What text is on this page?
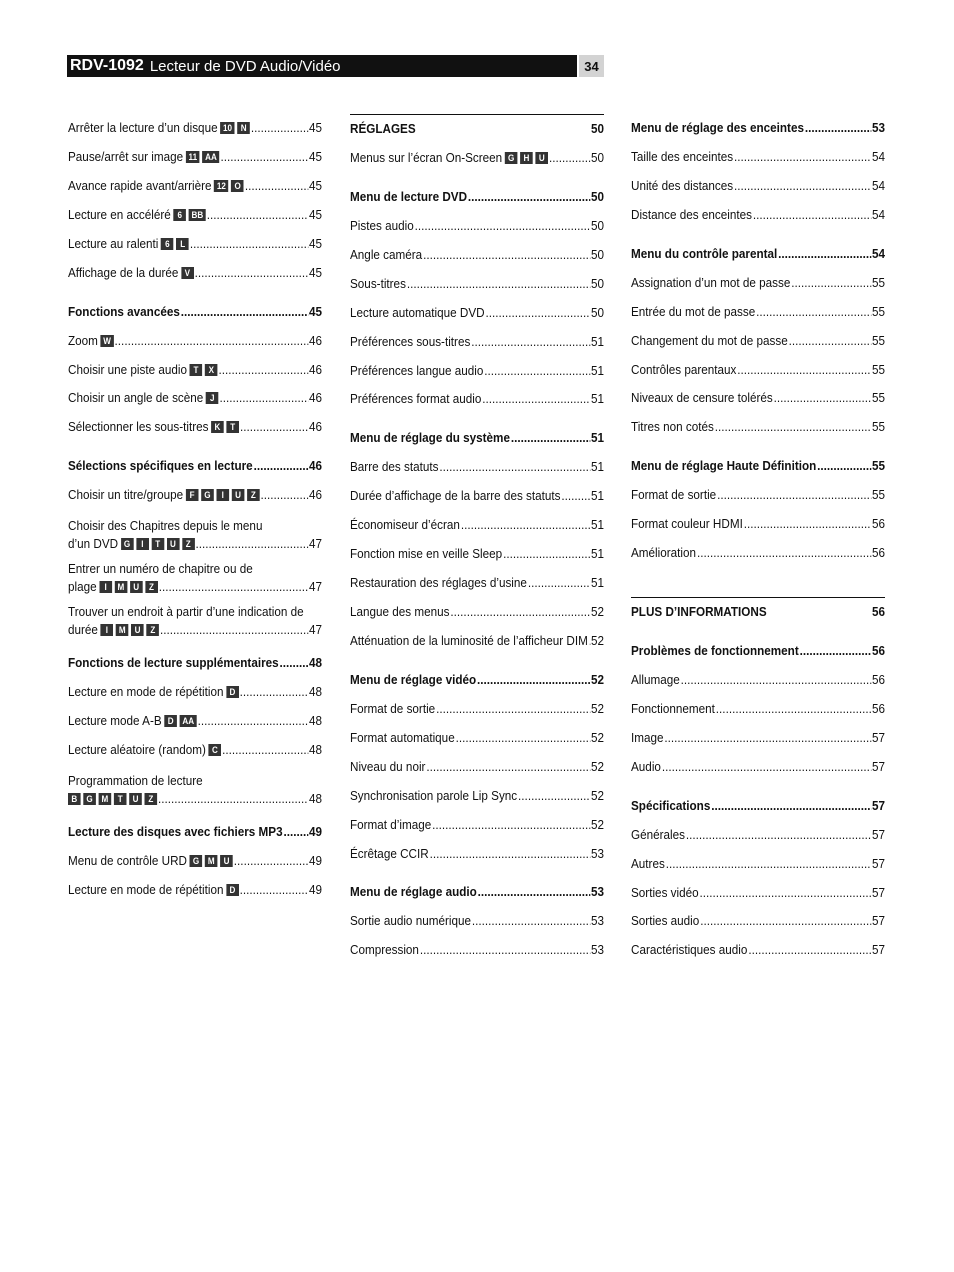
RDV-1092 Lecteur de DVD Audio/Vidéo	34
Arrêter la lecture d’un disque 10 N .....	45
Pause/arrêt sur image 11 AA .....	45
Avance rapide avant/arrière 12 O .....	45
Lecture en accéléré 6 BB .....	45
Lecture au ralenti 6 L .....	45
Affichage de la durée V .....	45
Fonctions avancées .....	45
Zoom W .....	46
Choisir une piste audio T X .....	46
Choisir un angle de scène J .....	46
Sélectionner les sous-titres K T .....	46
Sélections spécifiques en lecture .....	46
Choisir un titre/groupe F G I U Z .....	46
Choisir des Chapitres depuis le menu
d’un DVD G I T U Z .....	47
Entrer un numéro de chapitre ou de
plage I M U Z .....	47
Trouver un endroit à partir d’une indication de
durée I M U Z .....	47
Fonctions de lecture supplémentaires ..... 48
Lecture en mode de répétition D .....	48
Lecture mode A-B D AA .....	48
Lecture aléatoire (random) C .....	48
Programmation de lecture
B G M T U Z .....	48
Lecture des disques avec fichiers MP3 ..... 49
Menu de contrôle URD G M U .....	49
Lecture en mode de répétition D .....	49
RÉGLAGES	50
Menus sur l’écran On-Screen G H U .....	50
Menu de lecture DVD .....	50
Pistes audio .....	50
Angle caméra .....	50
Sous-titres .....	50
Lecture automatique DVD .....	50
Préférences sous-titres .....	51
Préférences langue audio .....	51
Préférences format audio .....	51
Menu de réglage du système .....	51
Barre des statuts .....	51
Durée d’affichage de la barre des statuts ..... 51
Économiseur d’écran .....	51
Fonction mise en veille Sleep .....	51
Restauration des réglages d’usine .....	51
Langue des menus .....	52
Atténuation de la luminosité de l’afficheur DIM ..... 52
Menu de réglage vidéo .....	52
Format de sortie .....	52
Format automatique .....	52
Niveau du noir .....	52
Synchronisation parole Lip Sync .....	52
Format d’image .....	52
Écrêtage CCIR .....	53
Menu de réglage audio .....	53
Sortie audio numérique .....	53
Compression .....	53
Menu de réglage des enceintes .....	53
Taille des enceintes .....	54
Unité des distances .....	54
Distance des enceintes .....	54
Menu du contrôle parental .....	54
Assignation d’un mot de passe .....	55
Entrée du mot de passe .....	55
Changement du mot de passe .....	55
Contrôles parentaux .....	55
Niveaux de censure tolérés .....	55
Titres non cotés .....	55
Menu de réglage Haute Définition .....	55
Format de sortie .....	55
Format couleur HDMI .....	56
Amélioration .....	56
PLUS D’INFORMATIONS	56
Problèmes de fonctionnement .....	56
Allumage .....	56
Fonctionnement .....	56
Image .....	57
Audio .....	57
Spécifications .....	57
Générales .....	57
Autres .....	57
Sorties vidéo .....	57
Sorties audio .....	57
Caractéristiques audio .....	57
